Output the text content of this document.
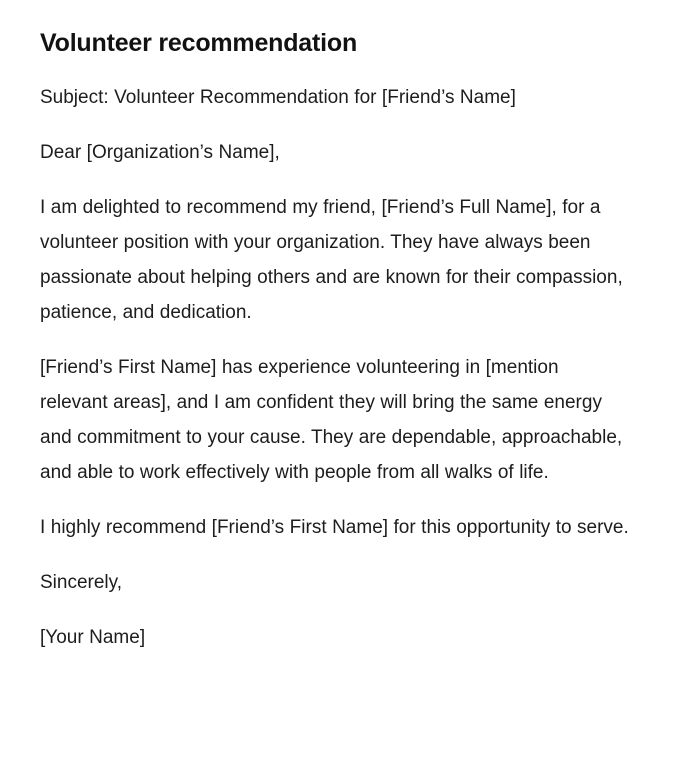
Volunteer recommendation

Subject: Volunteer Recommendation for [Friend’s Name]

Dear [Organization’s Name],

I am delighted to recommend my friend, [Friend’s Full Name], for a volunteer position with your organization. They have always been passionate about helping others and are known for their compassion, patience, and dedication.

[Friend’s First Name] has experience volunteering in [mention relevant areas], and I am confident they will bring the same energy and commitment to your cause. They are dependable, approachable, and able to work effectively with people from all walks of life.

I highly recommend [Friend’s First Name] for this opportunity to serve.

Sincerely,

[Your Name]
